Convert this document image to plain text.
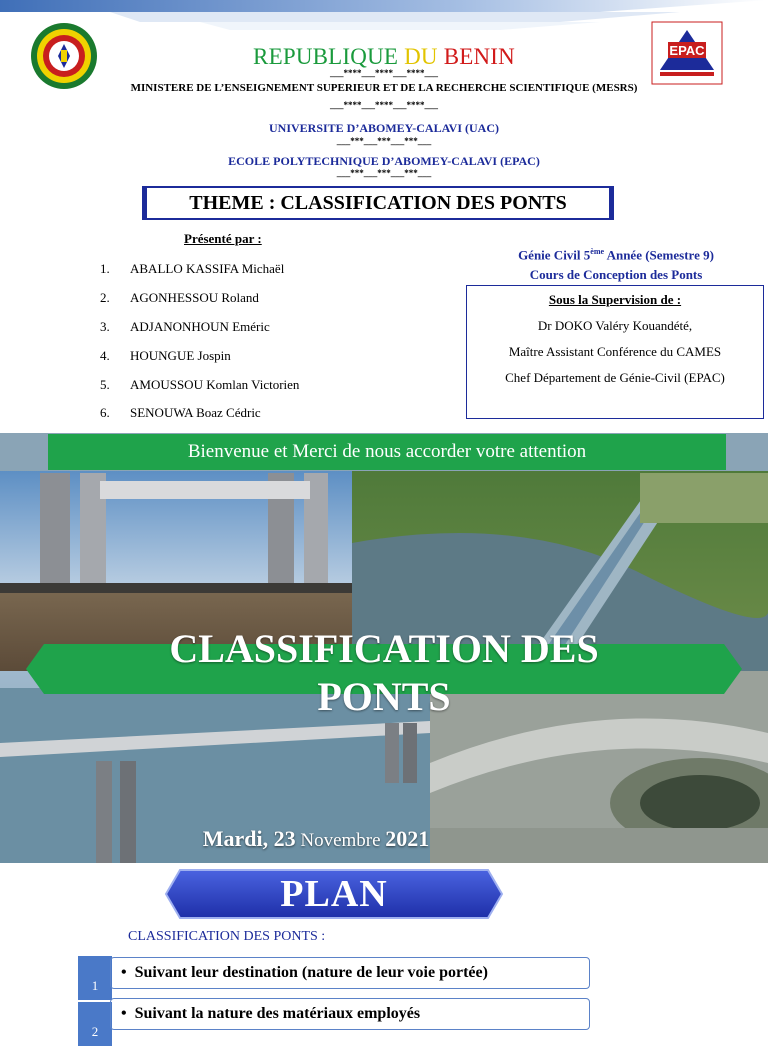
EPAC
REPUBLIQUE DU BENIN
___****___****___****___
MINISTERE DE L’ENSEIGNEMENT SUPERIEUR ET DE LA RECHERCHE SCIENTIFIQUE (MESRS)
___****___****___****___
UNIVERSITE D’ABOMEY-CALAVI (UAC)
___***___***___***___
ECOLE POLYTECHNIQUE D’ABOMEY-CALAVI (EPAC)
___***___***___***___
THEME : CLASSIFICATION DES PONTS
Présenté par :
1.	ABALLO KASSIFA Michaël
2.	AGONHESSOU Roland
3.	ADJANONHOUN Eméric
4.	HOUNGUE Jospin
5.	AMOUSSOU Komlan Victorien
6.	SENOUWA Boaz Cédric
Génie Civil 5ème Année (Semestre 9)
Cours de Conception des Ponts
Sous la Supervision de :
Dr DOKO Valéry Kouandété,
Maître Assistant Conférence du CAMES
Chef Département de Génie-Civil (EPAC)
Bienvenue et Merci de nous accorder votre attention
CLASSIFICATION DES
PONTS
Mardi, 23 Novembre 2021
PLAN
CLASSIFICATION DES PONTS :
1
• Suivant leur destination (nature de leur voie portée)
2
• Suivant la nature des matériaux employés
